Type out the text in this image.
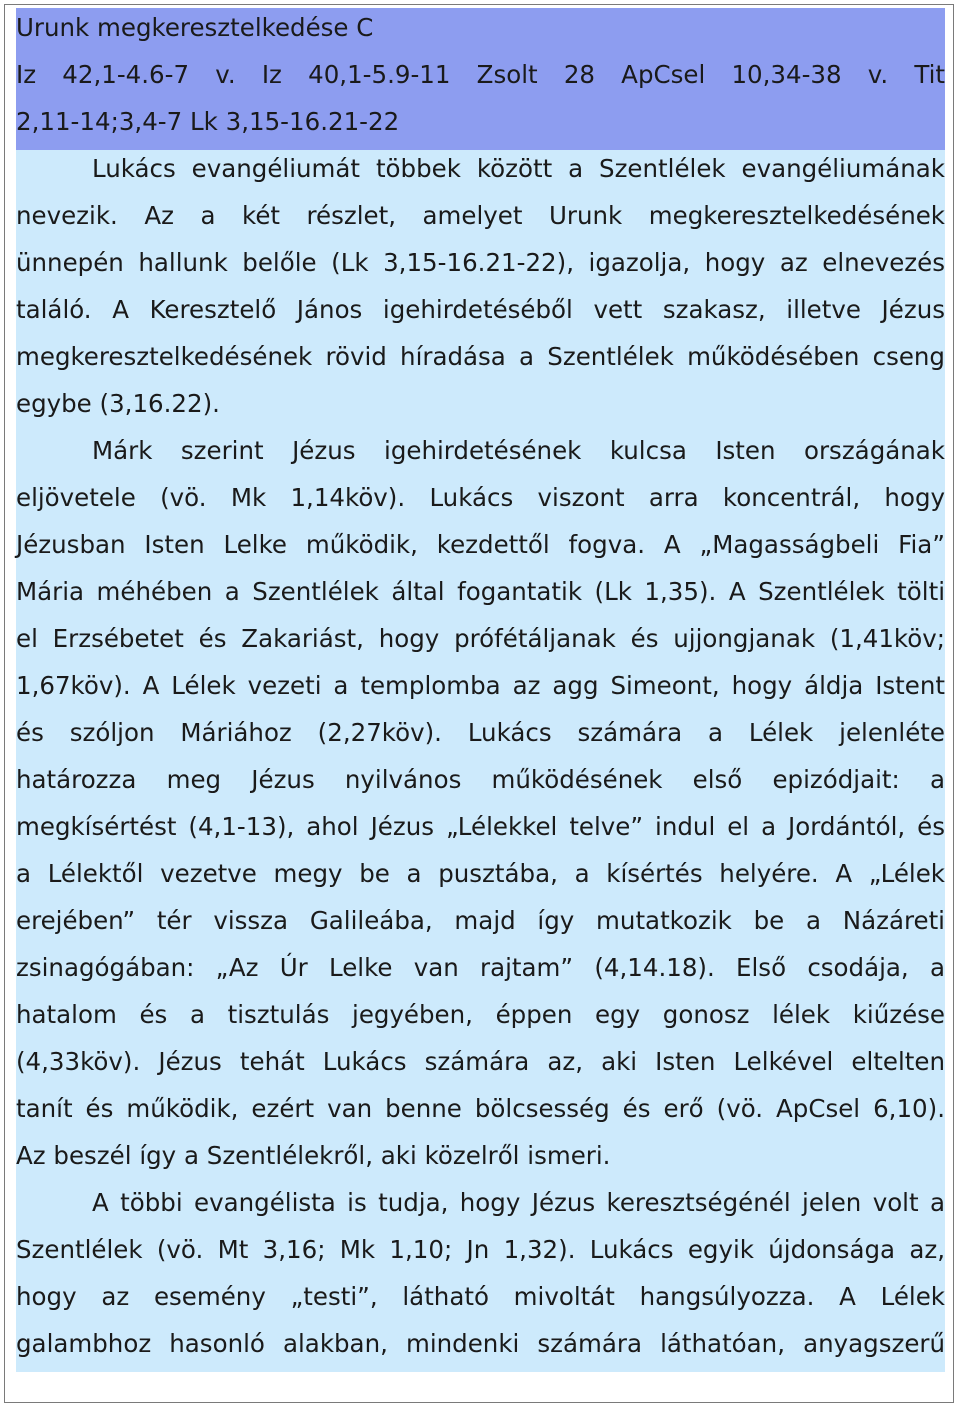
Urunk megkeresztelkedése C
Iz 42,1-4.6-7 v. Iz 40,1-5.9-11 Zsolt 28 ApCsel 10,34-38 v. Tit
2,11-14;3,4-7 Lk 3,15-16.21-22
Lukács evangéliumát többek között a Szentlélek evangéliumának
nevezik. Az a két részlet, amelyet Urunk megkeresztelkedésének
ünnepén hallunk belőle (Lk 3,15-16.21-22), igazolja, hogy az elnevezés
találó. A Keresztelő János igehirdetéséből vett szakasz, illetve Jézus
megkeresztelkedésének rövid híradása a Szentlélek működésében cseng
egybe (3,16.22).
Márk szerint Jézus igehirdetésének kulcsa Isten országának
eljövetele (vö. Mk 1,14köv). Lukács viszont arra koncentrál, hogy
Jézusban Isten Lelke működik, kezdettől fogva. A „Magasságbeli Fia”
Mária méhében a Szentlélek által fogantatik (Lk 1,35). A Szentlélek tölti
el Erzsébetet és Zakariást, hogy prófétáljanak és ujjongjanak (1,41köv;
1,67köv). A Lélek vezeti a templomba az agg Simeont, hogy áldja Istent
és szóljon Máriához (2,27köv). Lukács számára a Lélek jelenléte
határozza meg Jézus nyilvános működésének első epizódjait: a
megkísértést (4,1-13), ahol Jézus „Lélekkel telve” indul el a Jordántól, és
a Lélektől vezetve megy be a pusztába, a kísértés helyére. A „Lélek
erejében” tér vissza Galileába, majd így mutatkozik be a Názáreti
zsinagógában: „Az Úr Lelke van rajtam” (4,14.18). Első csodája, a
hatalom és a tisztulás jegyében, éppen egy gonosz lélek kiűzése
(4,33köv). Jézus tehát Lukács számára az, aki Isten Lelkével eltelten
tanít és működik, ezért van benne bölcsesség és erő (vö. ApCsel 6,10).
Az beszél így a Szentlélekről, aki közelről ismeri.
A többi evangélista is tudja, hogy Jézus keresztségénél jelen volt a
Szentlélek (vö. Mt 3,16; Mk 1,10; Jn 1,32). Lukács egyik újdonsága az,
hogy az esemény „testi”, látható mivoltát hangsúlyozza. A Lélek
galambhoz hasonló alakban, mindenki számára láthatóan, anyagszerű
